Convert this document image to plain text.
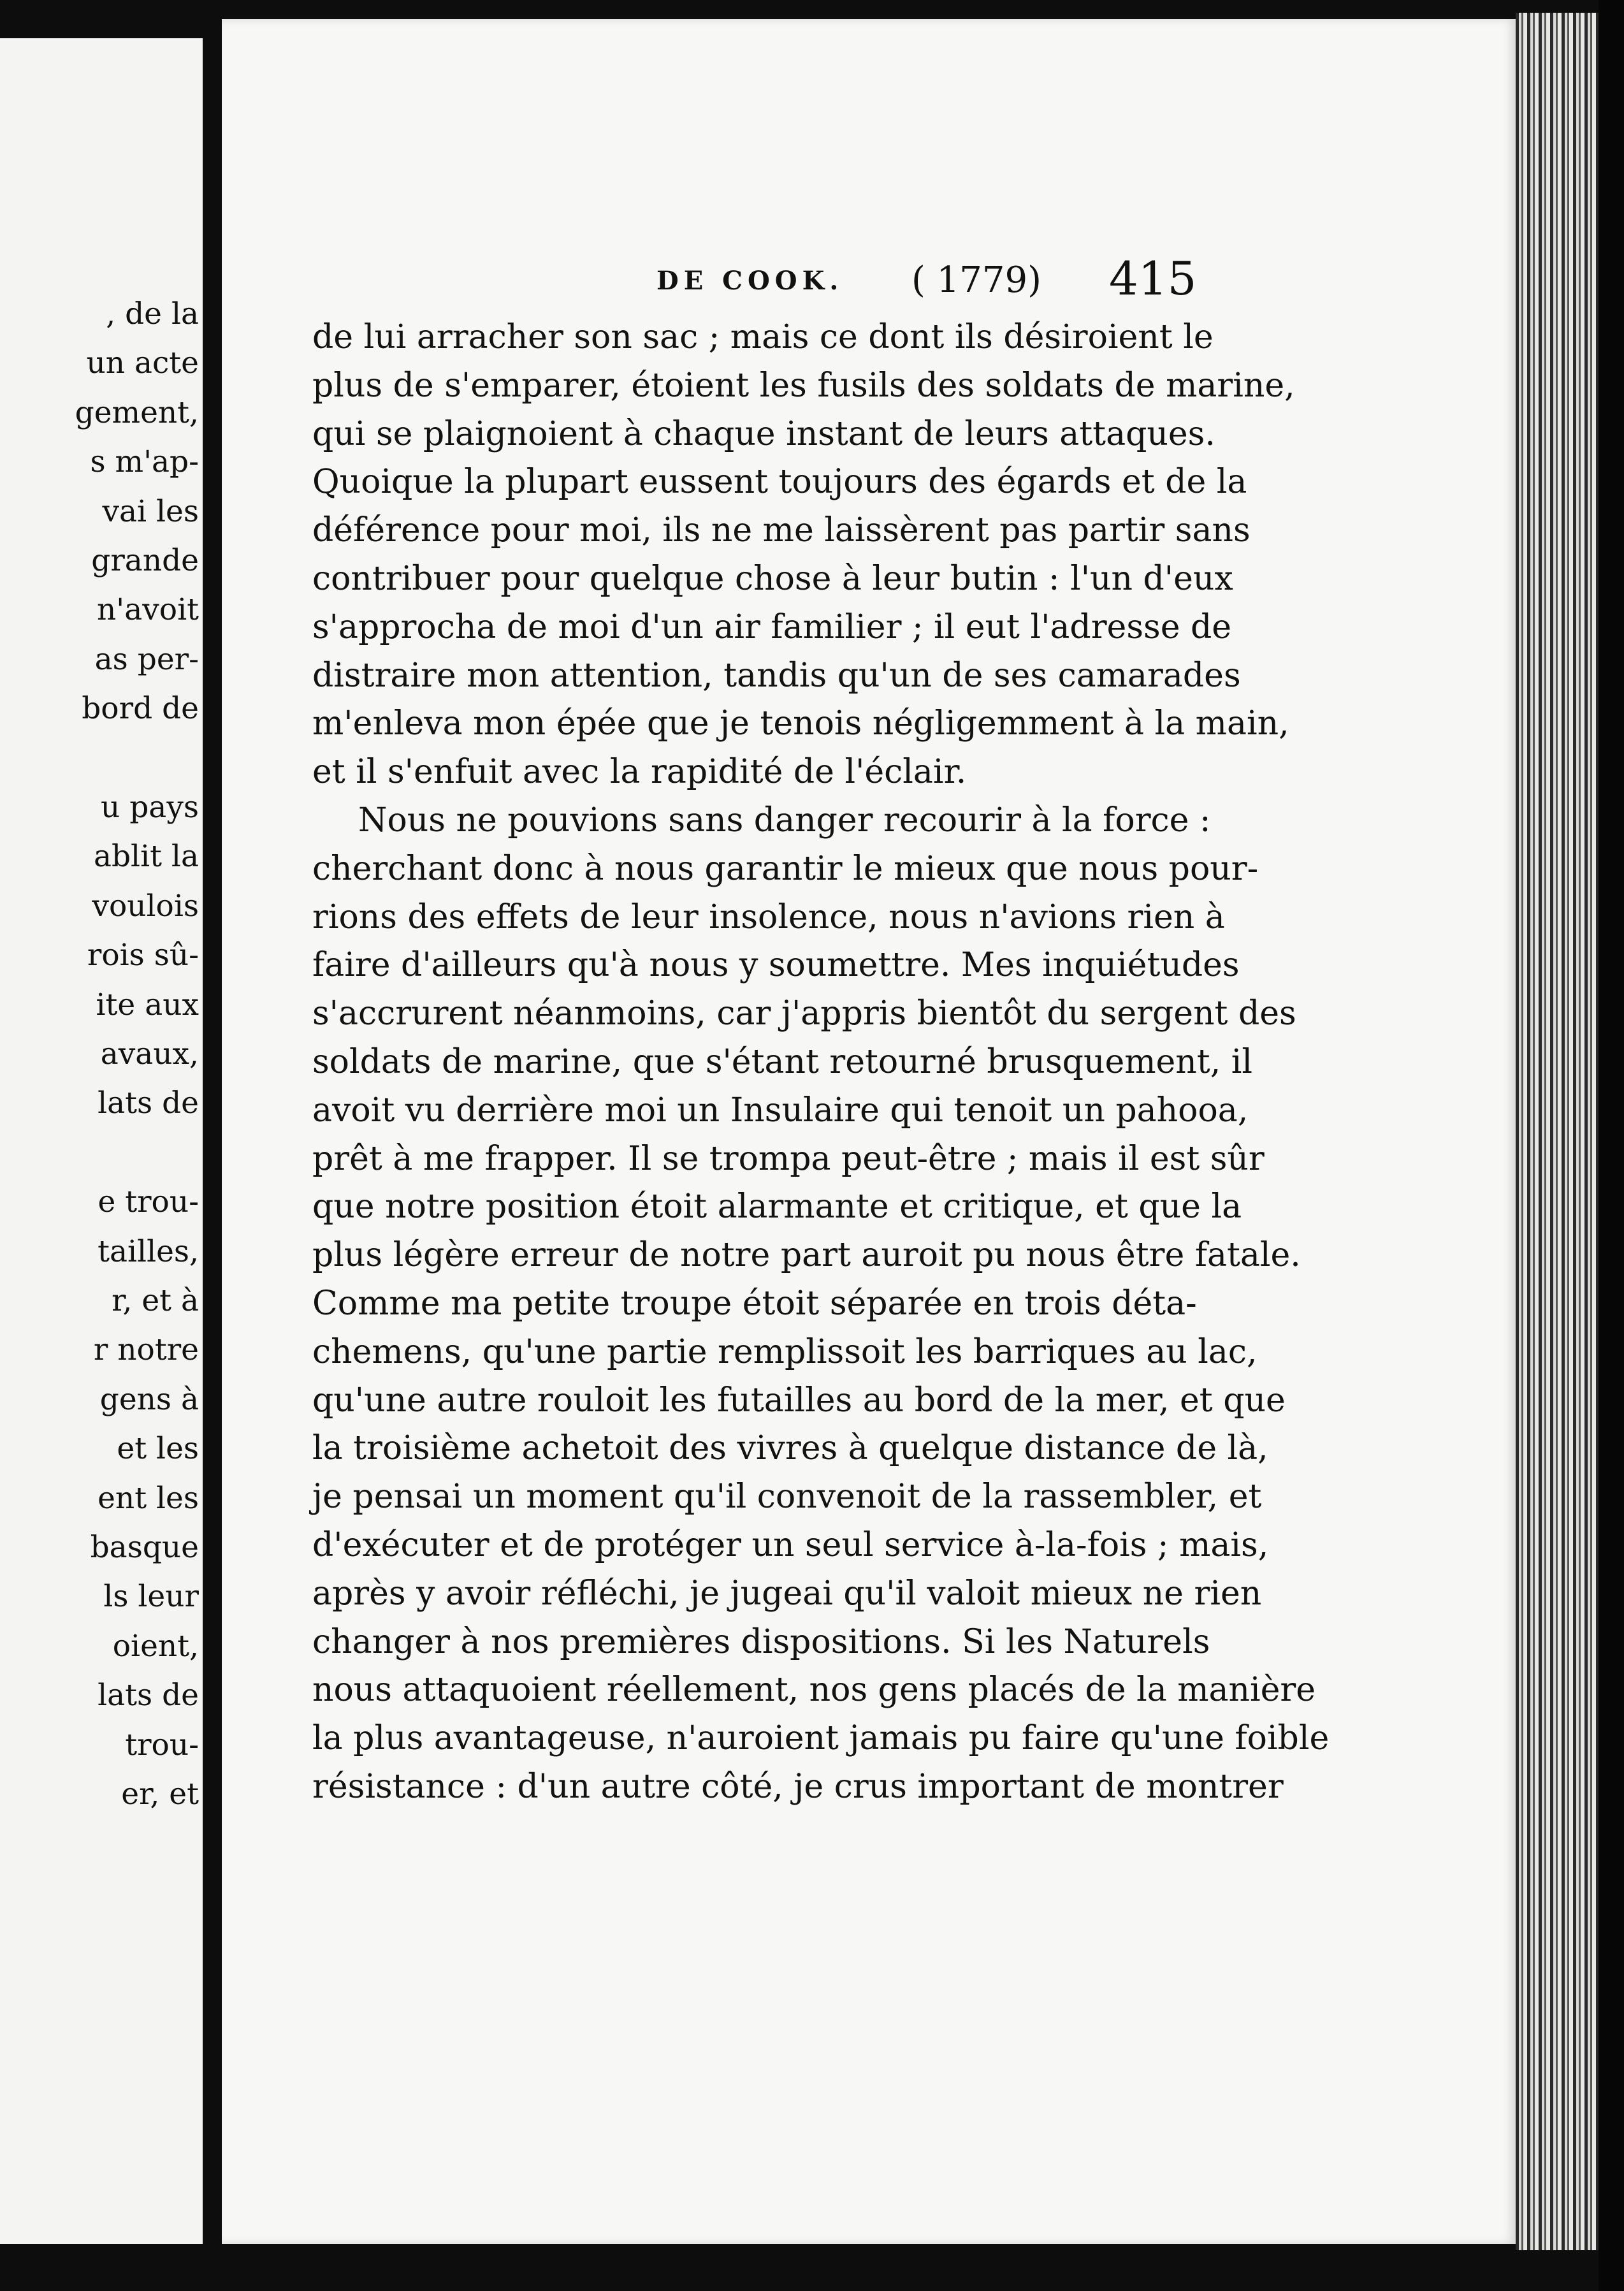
, de la
un acte
gement,
s m'ap-
vai les
grande
n'avoit
as per-
bord de
u pays
ablit la
voulois
rois sû-
ite aux
avaux,
lats de
e trou-
tailles,
r, et à
r notre
gens à
et les
ent les
basque
ls leur
oient,
lats de
trou-
er, et
DE COOK. ( 1779) 415
de lui arracher son sac ; mais ce dont ils désiroient le
plus de s'emparer, étoient les fusils des soldats de marine,
qui se plaignoient à chaque instant de leurs attaques.
Quoique la plupart eussent toujours des égards et de la
déférence pour moi, ils ne me laissèrent pas partir sans
contribuer pour quelque chose à leur butin : l'un d'eux
s'approcha de moi d'un air familier ; il eut l'adresse de
distraire mon attention, tandis qu'un de ses camarades
m'enleva mon épée que je tenois négligemment à la main,
et il s'enfuit avec la rapidité de l'éclair.
Nous ne pouvions sans danger recourir à la force :
cherchant donc à nous garantir le mieux que nous pour-
rions des effets de leur insolence, nous n'avions rien à
faire d'ailleurs qu'à nous y soumettre. Mes inquiétudes
s'accrurent néanmoins, car j'appris bientôt du sergent des
soldats de marine, que s'étant retourné brusquement, il
avoit vu derrière moi un Insulaire qui tenoit un pahooa,
prêt à me frapper. Il se trompa peut-être ; mais il est sûr
que notre position étoit alarmante et critique, et que la
plus légère erreur de notre part auroit pu nous être fatale.
Comme ma petite troupe étoit séparée en trois déta-
chemens, qu'une partie remplissoit les barriques au lac,
qu'une autre rouloit les futailles au bord de la mer, et que
la troisième achetoit des vivres à quelque distance de là,
je pensai un moment qu'il convenoit de la rassembler, et
d'exécuter et de protéger un seul service à-la-fois ; mais,
après y avoir réfléchi, je jugeai qu'il valoit mieux ne rien
changer à nos premières dispositions. Si les Naturels
nous attaquoient réellement, nos gens placés de la manière
la plus avantageuse, n'auroient jamais pu faire qu'une foible
résistance : d'un autre côté, je crus important de montrer
